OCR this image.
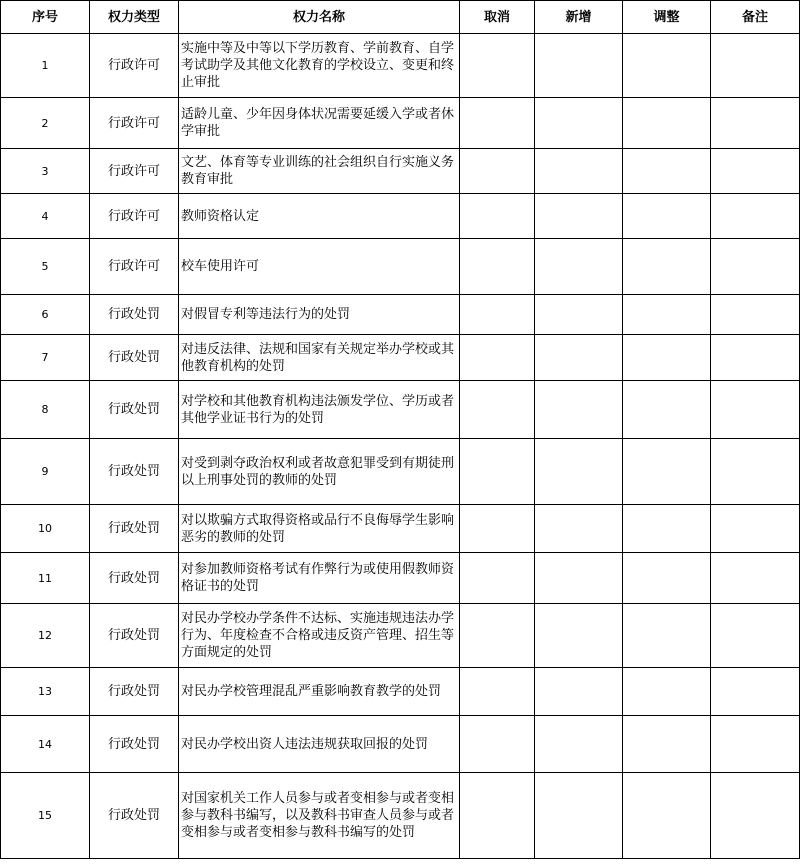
序号	权力类型	权力名称	取消	新增	调整	备注
1	行政许可	实施中等及中等以下学历教育、学前教育、自学考试助学及其他文化教育的学校设立、变更和终止审批				
2	行政许可	适龄儿童、少年因身体状况需要延缓入学或者休学审批				
3	行政许可	文艺、体育等专业训练的社会组织自行实施义务教育审批				
4	行政许可	教师资格认定				
5	行政许可	校车使用许可				
6	行政处罚	对假冒专利等违法行为的处罚				
7	行政处罚	对违反法律、法规和国家有关规定举办学校或其他教育机构的处罚				
8	行政处罚	对学校和其他教育机构违法颁发学位、学历或者其他学业证书行为的处罚				
9	行政处罚	对受到剥夺政治权利或者故意犯罪受到有期徒刑以上刑事处罚的教师的处罚				
10	行政处罚	对以欺骗方式取得资格或品行不良侮辱学生影响恶劣的教师的处罚				
11	行政处罚	对参加教师资格考试有作弊行为或使用假教师资格证书的处罚				
12	行政处罚	对民办学校办学条件不达标、实施违规违法办学行为、年度检查不合格或违反资产管理、招生等方面规定的处罚				
13	行政处罚	对民办学校管理混乱严重影响教育教学的处罚				
14	行政处罚	对民办学校出资人违法违规获取回报的处罚				
15	行政处罚	对国家机关工作人员参与或者变相参与或者变相参与教科书编写，以及教科书审查人员参与或者变相参与或者变相参与教科书编写的处罚				
